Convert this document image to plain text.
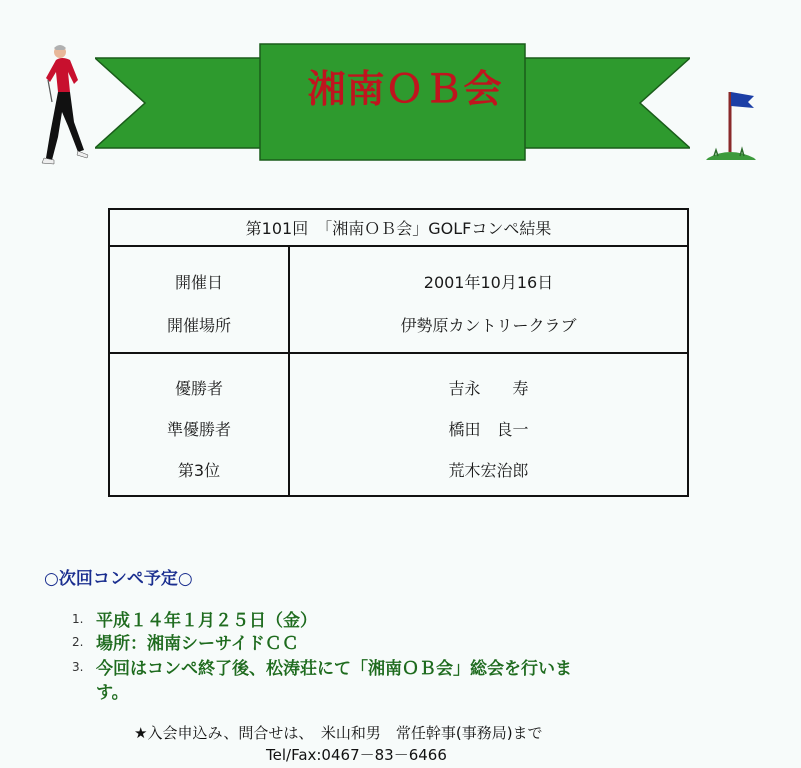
湘南ＯＢ会
第101回　「湘南ＯＢ会」GOLFコンペ結果
開催日	2001年10月16日
開催場所	伊勢原カントリークラブ
優勝者	吉永　　寿
準優勝者	橋田　良一
第3位	荒木宏治郎
○次回コンペ予定○
1. 平成１４年１月２５日（金）
2. 場所：湘南シーサイドＣＣ
3. 今回はコンペ終了後、松涛荘にて「湘南ＯＢ会」総会を行いま
す。
★入会申込み、問合せは、　米山和男　常任幹事(事務局)まで
Tel/Fax:0467－83－6466
